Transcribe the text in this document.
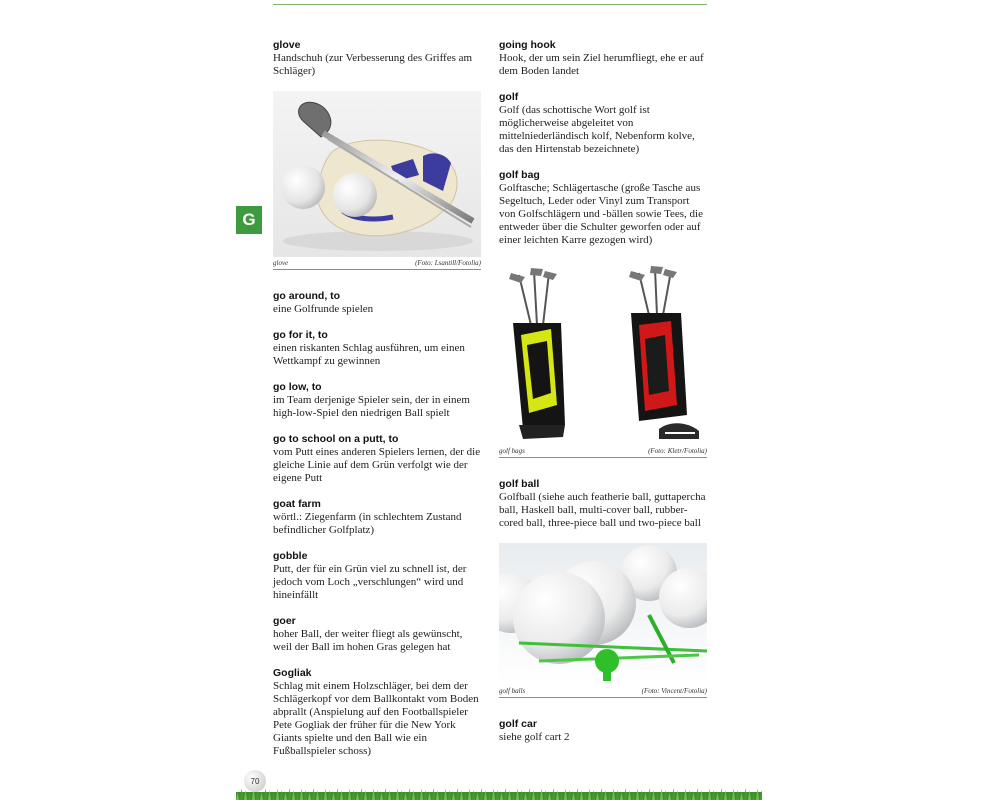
G
glove
Handschuh (zur Verbesserung des Griffes am Schläger)
glove	(Foto: Lsantill/Fotolia)
go around, to
eine Golfrunde spielen
go for it, to
einen riskanten Schlag ausführen, um einen Wettkampf zu gewinnen
go low, to
im Team derjenige Spieler sein, der in einem high-low-Spiel den niedrigen Ball spielt
go to school on a putt, to
vom Putt eines anderen Spielers lernen, der die gleiche Linie auf dem Grün verfolgt wie der eigene Putt
goat farm
wörtl.: Ziegenfarm (in schlechtem Zustand befindlicher Golfplatz)
gobble
Putt, der für ein Grün viel zu schnell ist, der jedoch vom Loch „verschlungen“ wird und hineinfällt
goer
hoher Ball, der weiter fliegt als gewünscht, weil der Ball im hohen Gras gelegen hat
Gogliak
Schlag mit einem Holzschläger, bei dem der Schlägerkopf vor dem Ballkontakt vom Boden abprallt (Anspielung auf den Footballspieler Pete Gogliak der früher für die New York Giants spielte und den Ball wie ein Fußballspieler schoss)
going hook
Hook, der um sein Ziel herumfliegt, ehe er auf dem Boden landet
golf
Golf (das schottische Wort golf ist möglicherweise abgeleitet von mittelniederländisch kolf, Nebenform kolve, das den Hirtenstab bezeichnete)
golf bag
Golftasche; Schlägertasche (große Tasche aus Segeltuch, Leder oder Vinyl zum Transport von Golfschlägern und -bällen sowie Tees, die entweder über die Schulter geworfen oder auf einer leichten Karre gezogen wird)
golf bags	(Foto: Kletr/Fotolia)
golf ball
Golfball (siehe auch featherie ball, guttapercha ball, Haskell ball, multi-cover ball, rubber-cored ball, three-piece ball und two-piece ball
golf balls	(Foto: Vincent/Fotolia)
golf car
siehe golf cart 2
70
